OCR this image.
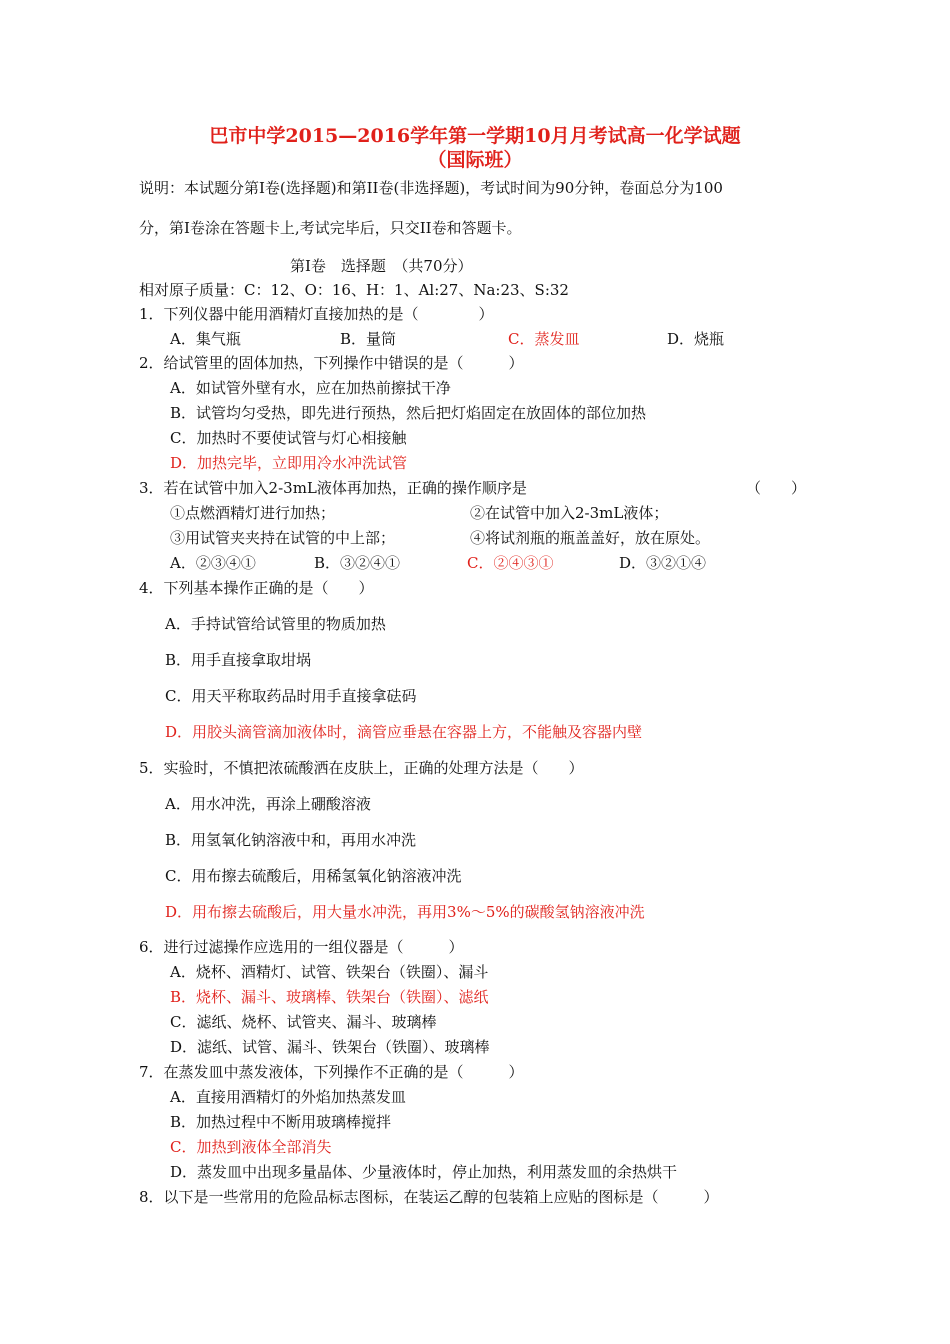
巴市中学2015—2016学年第一学期10月月考试高一化学试题
（国际班）
说明：本试题分第Ⅰ卷(选择题)和第II卷(非选择题)，考试时间为90分钟，卷面总分为100
分，第Ⅰ卷涂在答题卡上,考试完毕后，只交II卷和答题卡。
第Ⅰ卷　选择题　（共70分）
相对原子质量：C：12、O：16、H：1、Al:27、Na:23、S:32
1．下列仪器中能用酒精灯直接加热的是（　　　　）
A．集气瓶	B．量筒	C．蒸发皿	D．烧瓶
2．给试管里的固体加热，下列操作中错误的是（　　　）
A．如试管外壁有水，应在加热前擦拭干净
B．试管均匀受热，即先进行预热，然后把灯焰固定在放固体的部位加热
C．加热时不要使试管与灯心相接触
D．加热完毕，立即用冷水冲洗试管
3．若在试管中加入2-3mL液体再加热，正确的操作顺序是	（　　）
①点燃酒精灯进行加热；	②在试管中加入2-3mL液体；
③用试管夹夹持在试管的中上部；	④将试剂瓶的瓶盖盖好，放在原处。
A．②③④①	B．③②④①	C．②④③①	D．③②①④
4．下列基本操作正确的是（　　）
A．手持试管给试管里的物质加热
B．用手直接拿取坩埚
C．用天平称取药品时用手直接拿砝码
D．用胶头滴管滴加液体时，滴管应垂悬在容器上方，不能触及容器内壁
5．实验时，不慎把浓硫酸洒在皮肤上，正确的处理方法是（　　）
A．用水冲洗，再涂上硼酸溶液
B．用氢氧化钠溶液中和，再用水冲洗
C．用布擦去硫酸后，用稀氢氧化钠溶液冲洗
D．用布擦去硫酸后，用大量水冲洗，再用3%～5%的碳酸氢钠溶液冲洗
6．进行过滤操作应选用的一组仪器是（　　　）
A．烧杯、酒精灯、试管、铁架台（铁圈）、漏斗
B．烧杯、漏斗、玻璃棒、铁架台（铁圈）、滤纸
C．滤纸、烧杯、试管夹、漏斗、玻璃棒
D．滤纸、试管、漏斗、铁架台（铁圈）、玻璃棒
7．在蒸发皿中蒸发液体，下列操作不正确的是（　　　）
A．直接用酒精灯的外焰加热蒸发皿
B．加热过程中不断用玻璃棒搅拌
C．加热到液体全部消失
D．蒸发皿中出现多量晶体、少量液体时，停止加热，利用蒸发皿的余热烘干
8．以下是一些常用的危险品标志图标，在装运乙醇的包装箱上应贴的图标是（　　　）
